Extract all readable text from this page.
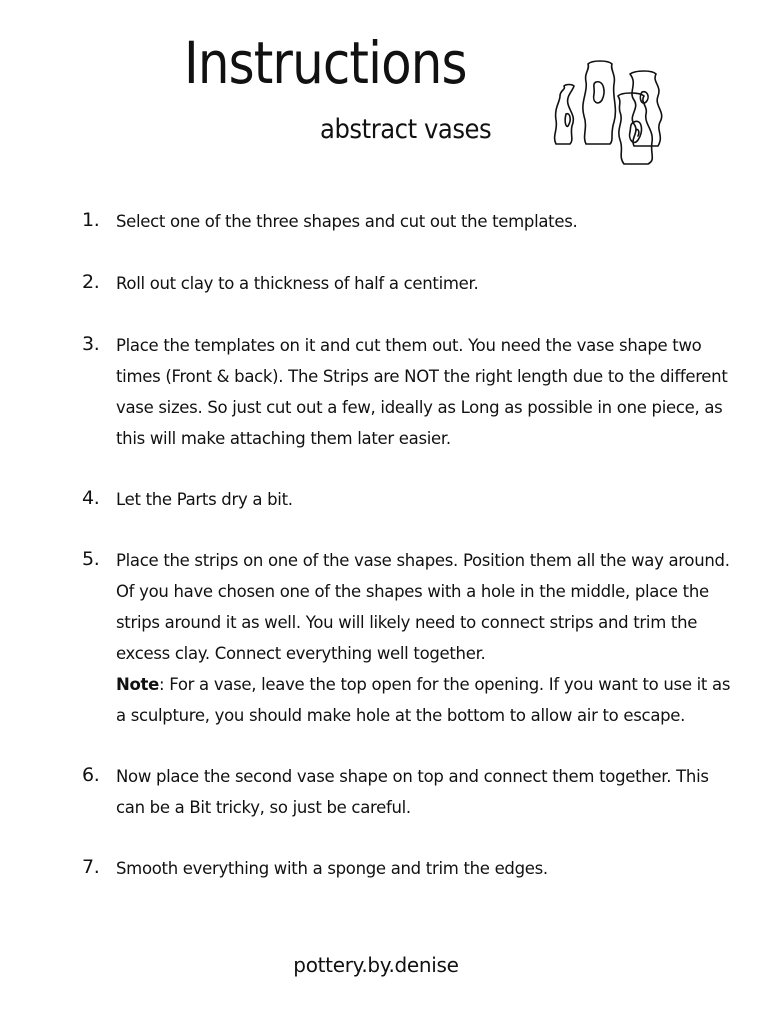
Instructions
abstract vases
1. Select one of the three shapes and cut out the templates.
2. Roll out clay to a thickness of half a centimer.
3. Place the templates on it and cut them out. You need the vase shape two times (Front & back). The Strips are NOT the right length due to the different vase sizes. So just cut out a few, ideally as Long as possible in one piece, as this will make attaching them later easier.
4. Let the Parts dry a bit.
5. Place the strips on one of the vase shapes. Position them all the way around. Of you have chosen one of the shapes with a hole in the middle, place the strips around it as well. You will likely need to connect strips and trim the excess clay. Connect everything well together.
Note: For a vase, leave the top open for the opening. If you want to use it as a sculpture, you should make hole at the bottom to allow air to escape.
6. Now place the second vase shape on top and connect them together. This can be a Bit tricky, so just be careful.
7. Smooth everything with a sponge and trim the edges.
pottery.by.denise
